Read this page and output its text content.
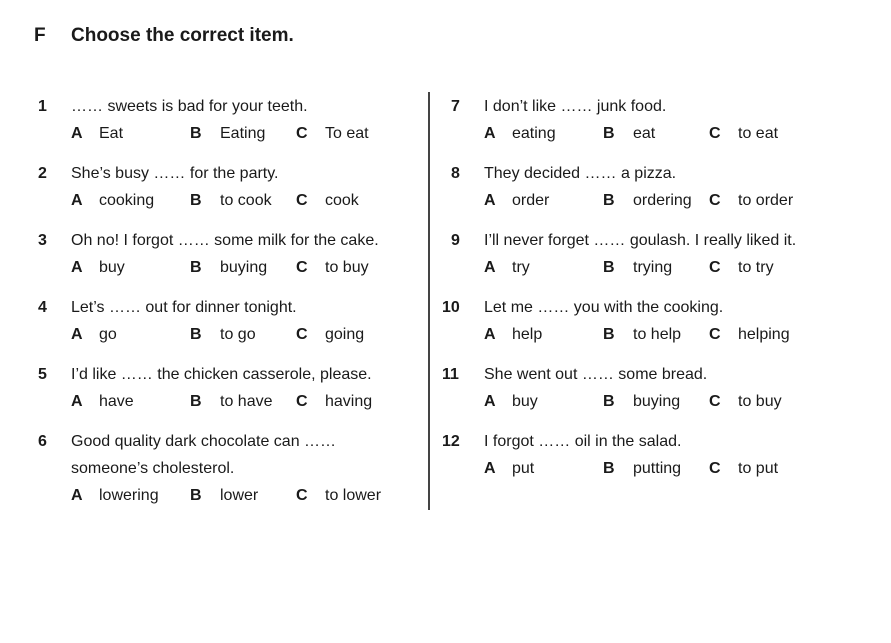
F Choose the correct item.
1 …… sweets is bad for your teeth.
A Eat	B Eating C To eat
2 She’s busy …… for the party.
A cooking B to cook C cook
3 Oh no! I forgot …… some milk for the cake.
A buy	B buying C to buy
4 Let’s …… out for dinner tonight.
A go	B to go	C going
5 I’d like …… the chicken casserole, please.
A have	B to have C having
6 Good quality dark chocolate can ……
someone’s cholesterol.
A lowering B lower C to lower
7 I don’t like …… junk food.
A eating	B eat	C to eat
8 They decided …… a pizza.
A order	B ordering C to order
9 I’ll never forget …… goulash. I really liked it.
A try	B trying C to try
10 Let me …… you with the cooking.
A help	B to help C helping
11 She went out …… some bread.
A buy	B buying C to buy
12 I forgot …… oil in the salad.
A put	B putting C to put
